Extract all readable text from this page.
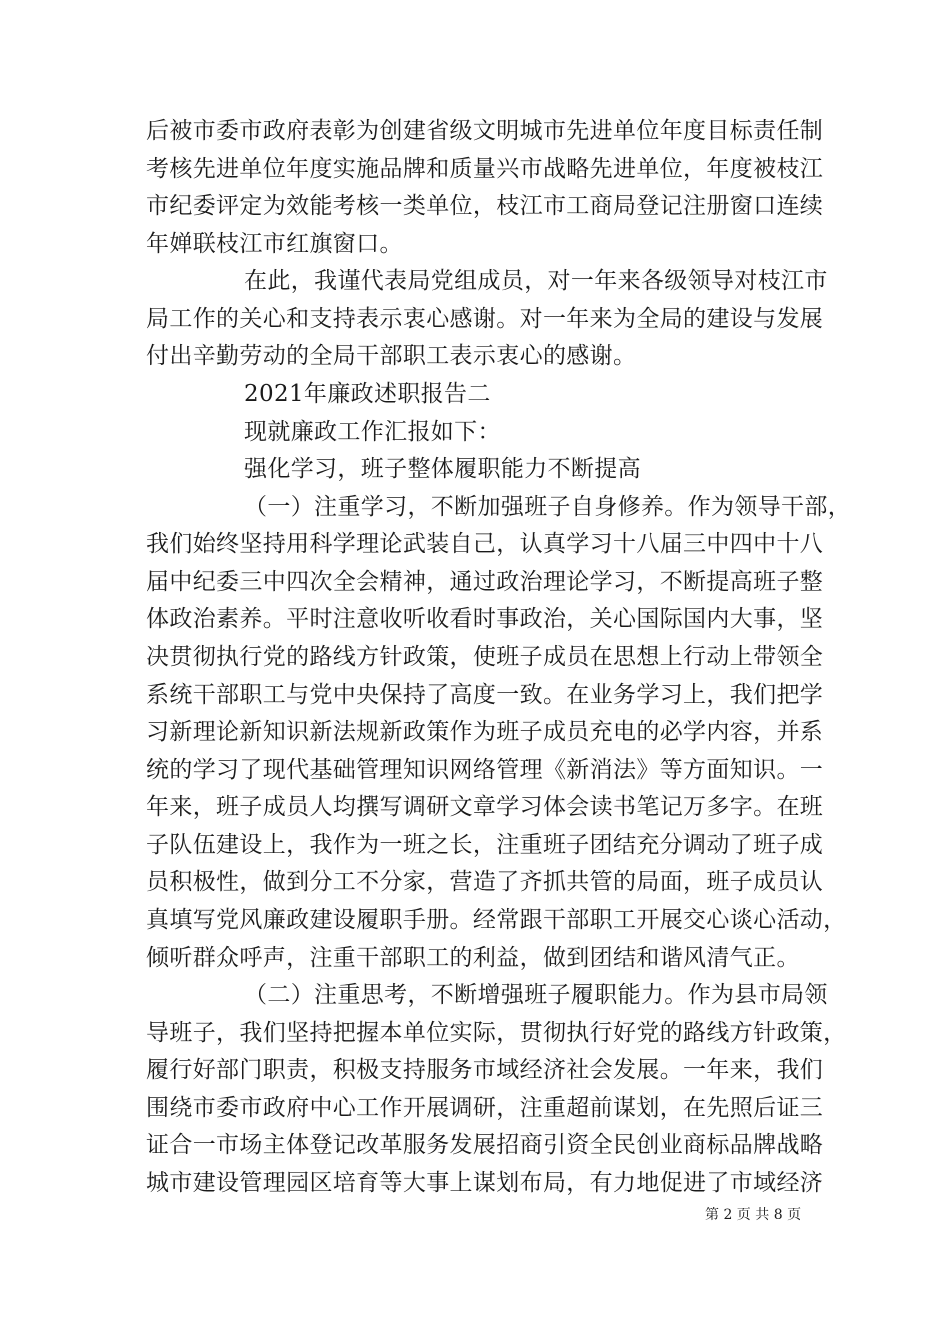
后被市委市政府表彰为创建省级文明城市先进单位年度目标责任制
考核先进单位年度实施品牌和质量兴市战略先进单位，年度被枝江
市纪委评定为效能考核一类单位，枝江市工商局登记注册窗口连续
年婵联枝江市红旗窗口。
在此，我谨代表局党组成员，对一年来各级领导对枝江市
局工作的关心和支持表示衷心感谢。对一年来为全局的建设与发展
付出辛勤劳动的全局干部职工表示衷心的感谢。
2021年廉政述职报告二
现就廉政工作汇报如下：
强化学习，班子整体履职能力不断提高
（一）注重学习，不断加强班子自身修养。作为领导干部，
我们始终坚持用科学理论武装自己，认真学习十八届三中四中十八
届中纪委三中四次全会精神，通过政治理论学习，不断提高班子整
体政治素养。平时注意收听收看时事政治，关心国际国内大事，坚
决贯彻执行党的路线方针政策，使班子成员在思想上行动上带领全
系统干部职工与党中央保持了高度一致。在业务学习上，我们把学
习新理论新知识新法规新政策作为班子成员充电的必学内容，并系
统的学习了现代基础管理知识网络管理《新消法》等方面知识。一
年来，班子成员人均撰写调研文章学习体会读书笔记万多字。在班
子队伍建设上，我作为一班之长，注重班子团结充分调动了班子成
员积极性，做到分工不分家，营造了齐抓共管的局面，班子成员认
真填写党风廉政建设履职手册。经常跟干部职工开展交心谈心活动，
倾听群众呼声，注重干部职工的利益，做到团结和谐风清气正。
（二）注重思考，不断增强班子履职能力。作为县市局领
导班子，我们坚持把握本单位实际，贯彻执行好党的路线方针政策，
履行好部门职责，积极支持服务市域经济社会发展。一年来，我们
围绕市委市政府中心工作开展调研，注重超前谋划，在先照后证三
证合一市场主体登记改革服务发展招商引资全民创业商标品牌战略
城市建设管理园区培育等大事上谋划布局，有力地促进了市域经济
第 2 页 共 8 页
